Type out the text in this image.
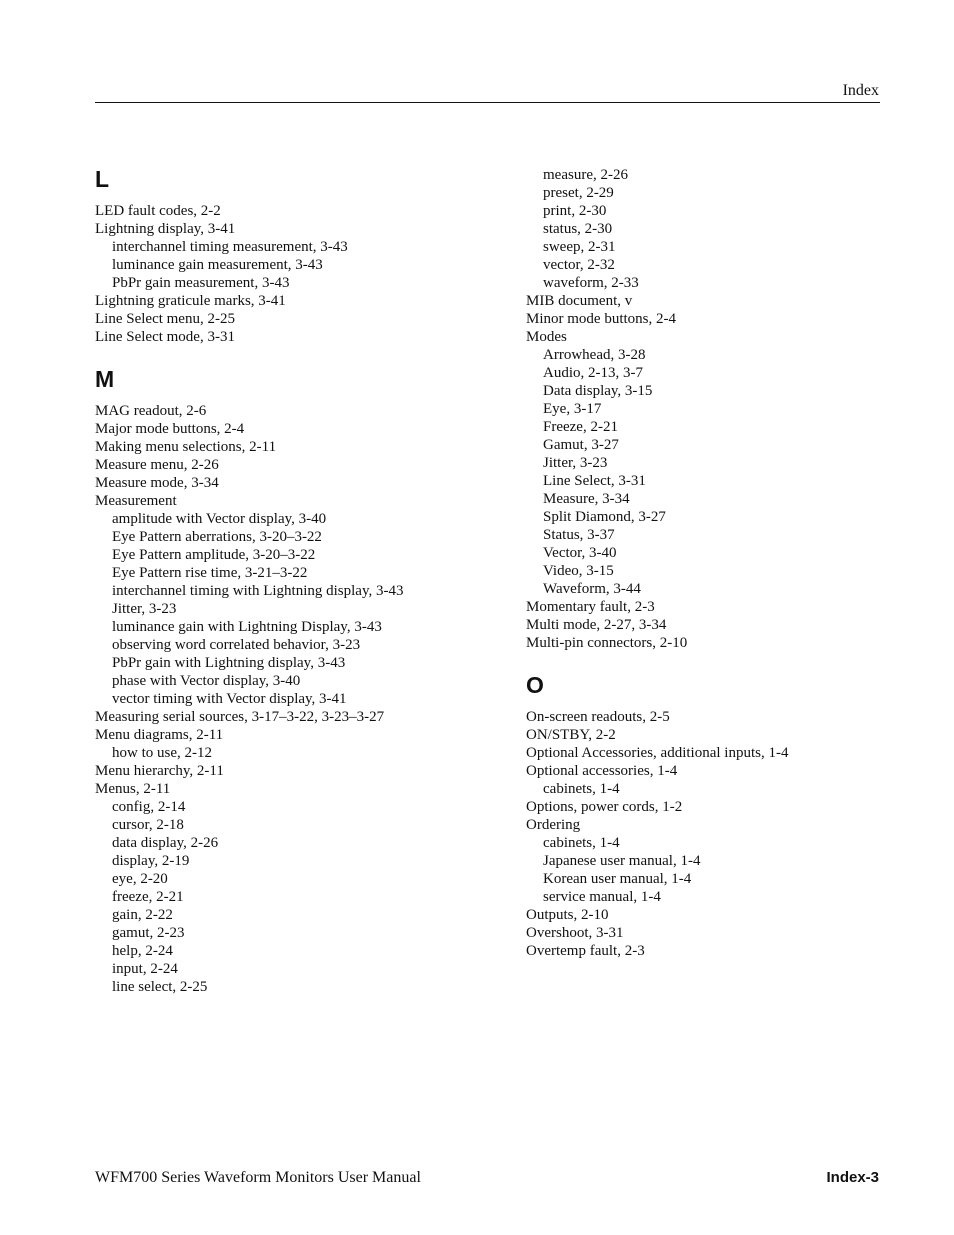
Index
L
LED fault codes, 2-2
Lightning display, 3-41
interchannel timing measurement, 3-43
luminance gain measurement, 3-43
PbPr gain measurement, 3-43
Lightning graticule marks, 3-41
Line Select menu, 2-25
Line Select mode, 3-31
M
MAG readout, 2-6
Major mode buttons, 2-4
Making menu selections, 2-11
Measure menu, 2-26
Measure mode, 3-34
Measurement
amplitude with Vector display, 3-40
Eye Pattern aberrations, 3-20–3-22
Eye Pattern amplitude, 3-20–3-22
Eye Pattern rise time, 3-21–3-22
interchannel timing with Lightning display, 3-43
Jitter, 3-23
luminance gain with Lightning Display, 3-43
observing word correlated behavior, 3-23
PbPr gain with Lightning display, 3-43
phase with Vector display, 3-40
vector timing with Vector display, 3-41
Measuring serial sources, 3-17–3-22, 3-23–3-27
Menu diagrams, 2-11
how to use, 2-12
Menu hierarchy, 2-11
Menus, 2-11
config, 2-14
cursor, 2-18
data display, 2-26
display, 2-19
eye, 2-20
freeze, 2-21
gain, 2-22
gamut, 2-23
help, 2-24
input, 2-24
line select, 2-25
measure, 2-26
preset, 2-29
print, 2-30
status, 2-30
sweep, 2-31
vector, 2-32
waveform, 2-33
MIB document, v
Minor mode buttons, 2-4
Modes
Arrowhead, 3-28
Audio, 2-13, 3-7
Data display, 3-15
Eye, 3-17
Freeze, 2-21
Gamut, 3-27
Jitter, 3-23
Line Select, 3-31
Measure, 3-34
Split Diamond, 3-27
Status, 3-37
Vector, 3-40
Video, 3-15
Waveform, 3-44
Momentary fault, 2-3
Multi mode, 2-27, 3-34
Multi-pin connectors, 2-10
O
On-screen readouts, 2-5
ON/STBY, 2-2
Optional Accessories, additional inputs, 1-4
Optional accessories, 1-4
cabinets, 1-4
Options, power cords, 1-2
Ordering
cabinets, 1-4
Japanese user manual, 1-4
Korean user manual, 1-4
service manual, 1-4
Outputs, 2-10
Overshoot, 3-31
Overtemp fault, 2-3
WFM700 Series Waveform Monitors User Manual	Index-3
